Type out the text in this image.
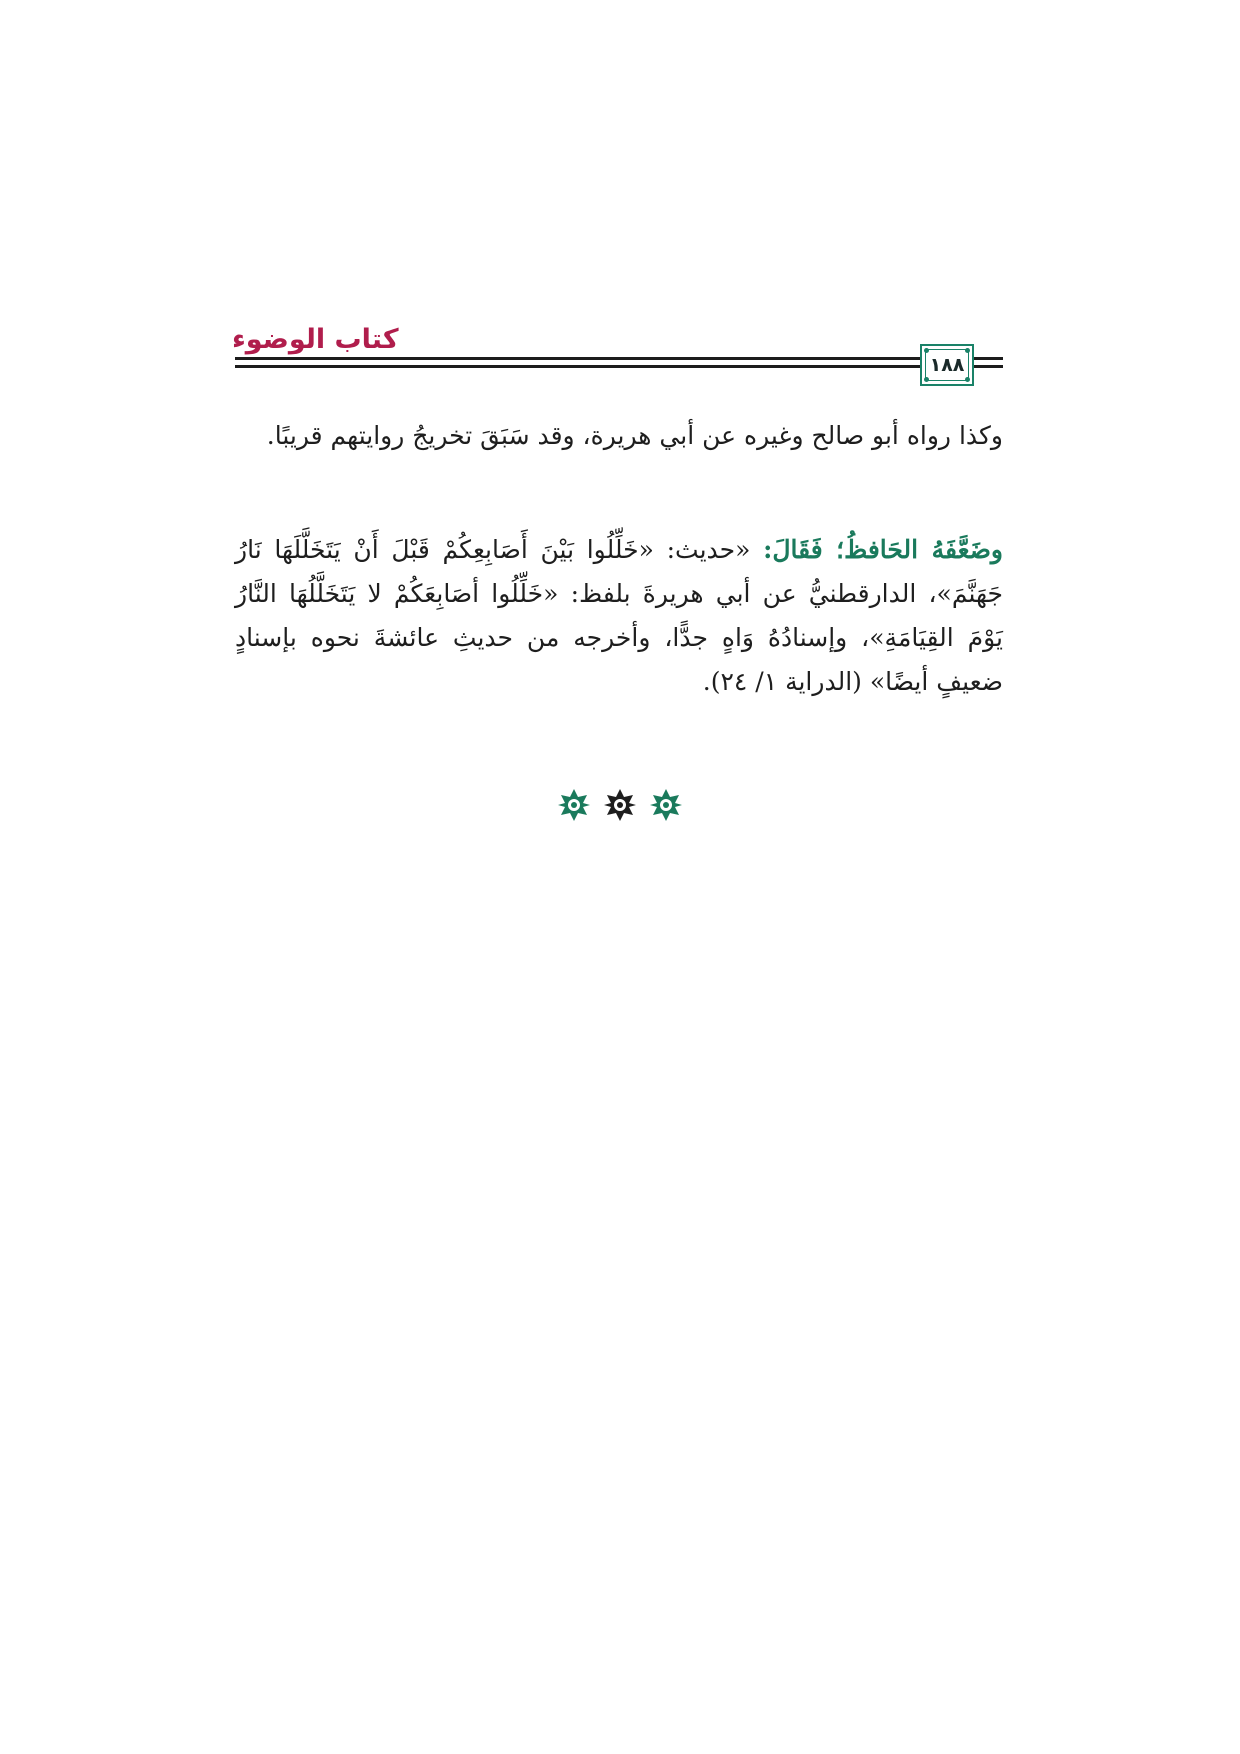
كتاب الوضوء
١٨٨
وكذا رواه أبو صالح وغيره عن أبي هريرة، وقد سَبَقَ تخريجُ روايتهم قريبًا.
وضَعَّفَهُ الحَافظُ؛ فَقَالَ: «حديث: «خَلِّلُوا بَيْنَ أَصَابِعِكُمْ قَبْلَ أَنْ يَتَخَلَّلَهَا نَارُ جَهَنَّمَ»، الدارقطنيُّ عن أبي هريرةَ بلفظ: «خَلِّلُوا أصَابِعَكُمْ لا يَتَخَلَّلُهَا النَّارُ يَوْمَ القِيَامَةِ»، وإسنادُهُ وَاهٍ جدًّا، وأخرجه من حديثِ عائشةَ نحوه بإسنادٍ ضعيفٍ أيضًا» (الدراية ١/ ٢٤).
